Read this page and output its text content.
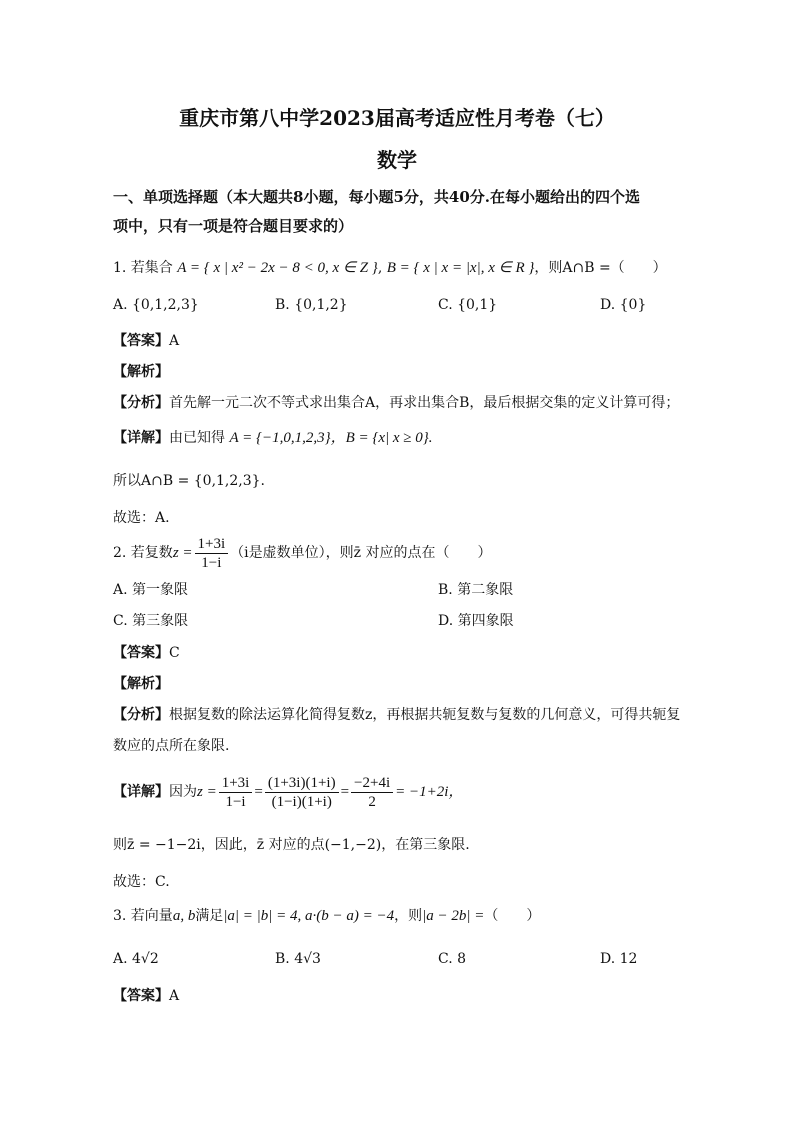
重庆市第八中学2023届高考适应性月考卷（七）
数学
一、单项选择题（本大题共8小题，每小题5分，共40分.在每小题给出的四个选
项中，只有一项是符合题目要求的）
1. 若集合 A = { x | x² − 2x − 8 < 0, x ∈ Z }, B = { x | x = |x|, x ∈ R }，则A∩B =（　　）
A. {0,1,2,3}	B. {0,1,2}	C. {0,1}	D. {0}
【答案】A
【解析】
【分析】首先解一元二次不等式求出集合A，再求出集合B，最后根据交集的定义计算可得；
【详解】由已知得 A = {−1,0,1,2,3}，B = {x| x ≥ 0}.
所以A∩B = {0,1,2,3}.
故选：A.
2. 若复数$z = \frac{1+3i}{1-i} (i$是虚数单位），则z̄ 对应的点在（　　）
A. 第一象限	B. 第二象限
C. 第三象限	D. 第四象限
【答案】C
【解析】
【分析】根据复数的除法运算化简得复数z，再根据共轭复数与复数的几何意义，可得共轭复
数应的点所在象限.
【详解】因为$z = \frac{1+3i}{1-i} = \frac{(1+3i)(1+i)}{(1-i)(1+i)} = \frac{-2+4i}{2} = -1+2i$，
则z̄ = −1−2i，因此，z̄ 对应的点(−1,−2)，在第三象限.
故选：C.
3. 若向量a, b满足|a| = |b| = 4, a·(b − a) = −4，则|a − 2b| =（　　）
A. 4√2	B. 4√3	C. 8	D. 12
【答案】A
